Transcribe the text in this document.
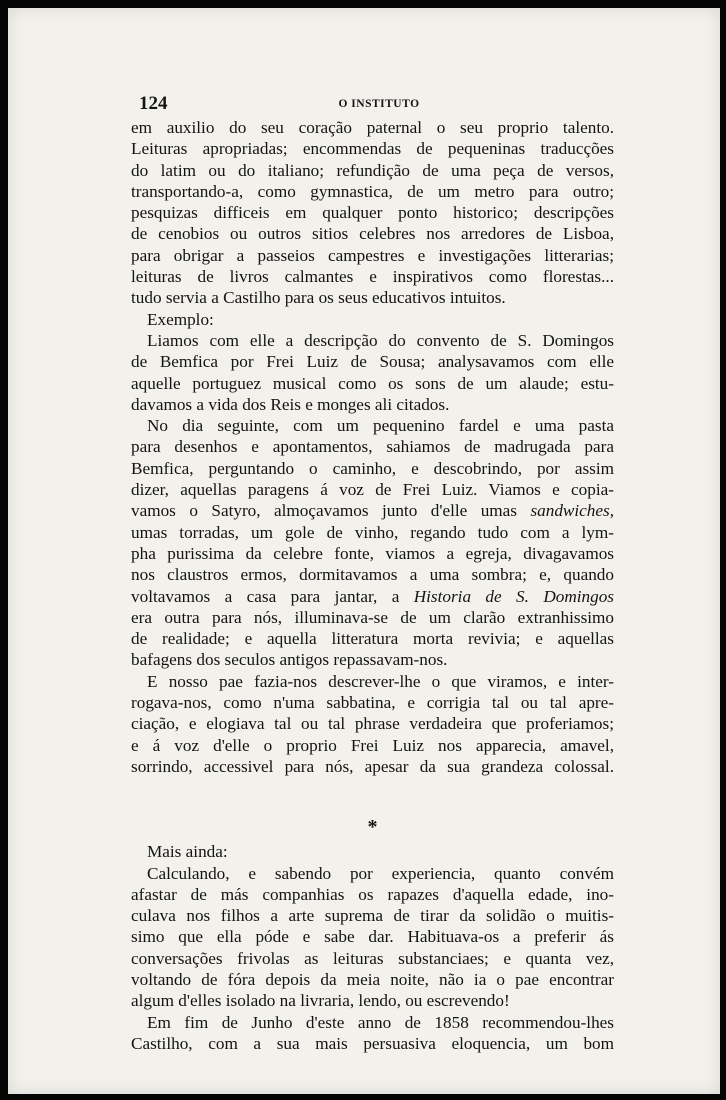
124	O INSTITUTO
em auxilio do seu coração paternal o seu proprio talento.
Leituras apropriadas; encommendas de pequeninas traducções
do latim ou do italiano; refundição de uma peça de versos,
transportando-a, como gymnastica, de um metro para outro;
pesquizas difficeis em qualquer ponto historico; descripções
de cenobios ou outros sitios celebres nos arredores de Lisboa,
para obrigar a passeios campestres e investigações litterarias;
leituras de livros calmantes e inspirativos como florestas...
tudo servia a Castilho para os seus educativos intuitos.
Exemplo:
Liamos com elle a descripção do convento de S. Domingos
de Bemfica por Frei Luiz de Sousa; analysavamos com elle
aquelle portuguez musical como os sons de um alaude; estu-
davamos a vida dos Reis e monges ali citados.
No dia seguinte, com um pequenino fardel e uma pasta
para desenhos e apontamentos, sahiamos de madrugada para
Bemfica, perguntando o caminho, e descobrindo, por assim
dizer, aquellas paragens á voz de Frei Luiz. Viamos e copia-
vamos o Satyro, almoçavamos junto d'elle umas sandwiches,
umas torradas, um gole de vinho, regando tudo com a lym-
pha purissima da celebre fonte, viamos a egreja, divagavamos
nos claustros ermos, dormitavamos a uma sombra; e, quando
voltavamos a casa para jantar, a Historia de S. Domingos
era outra para nós, illuminava-se de um clarão extranhissimo
de realidade; e aquella litteratura morta revivia; e aquellas
bafagens dos seculos antigos repassavam-nos.
E nosso pae fazia-nos descrever-lhe o que viramos, e inter-
rogava-nos, como n'uma sabbatina, e corrigia tal ou tal apre-
ciação, e elogiava tal ou tal phrase verdadeira que proferiamos;
e á voz d'elle o proprio Frei Luiz nos apparecia, amavel,
sorrindo, accessivel para nós, apesar da sua grandeza colossal.
*
Mais ainda:
Calculando, e sabendo por experiencia, quanto convém
afastar de más companhias os rapazes d'aquella edade, ino-
culava nos filhos a arte suprema de tirar da solidão o muitis-
simo que ella póde e sabe dar. Habituava-os a preferir ás
conversações frivolas as leituras substanciaes; e quanta vez,
voltando de fóra depois da meia noite, não ia o pae encontrar
algum d'elles isolado na livraria, lendo, ou escrevendo!
Em fim de Junho d'este anno de 1858 recommendou-lhes
Castilho, com a sua mais persuasiva eloquencia, um bom
